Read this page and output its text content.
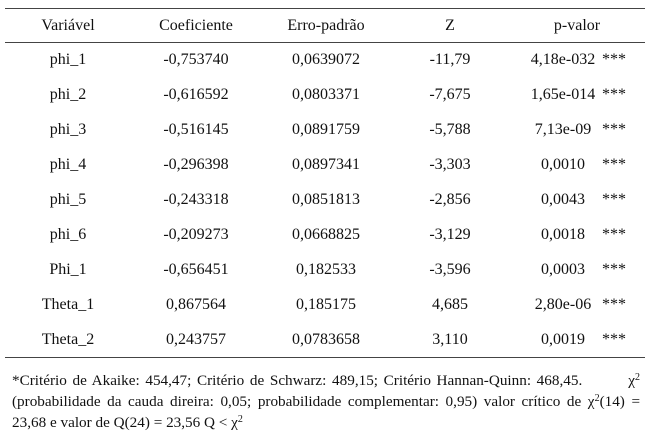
Variável	Coeficiente	Erro-padrão	Z	p-valor
phi_1	-0,753740	0,0639072	-11,79	4,18e-032 ***
phi_2	-0,616592	0,0803371	-7,675	1,65e-014 ***
phi_3	-0,516145	0,0891759	-5,788	7,13e-09 ***
phi_4	-0,296398	0,0897341	-3,303	0,0010 ***
phi_5	-0,243318	0,0851813	-2,856	0,0043 ***
phi_6	-0,209273	0,0668825	-3,129	0,0018 ***
Phi_1	-0,656451	0,182533	-3,596	0,0003 ***
Theta_1	0,867564	0,185175	4,685	2,80e-06 ***
Theta_2	0,243757	0,0783658	3,110	0,0019 ***

*Critério de Akaike: 454,47; Critério de Schwarz: 489,15; Critério Hannan-Quinn: 468,45.	$\chi^2$ (probabilidade da cauda direira: 0,05; probabilidade complementar: 0,95) valor crítico de $\chi^2(14) = 23,68$ e valor de Q(24) = 23,56 $Q < \chi^2$
